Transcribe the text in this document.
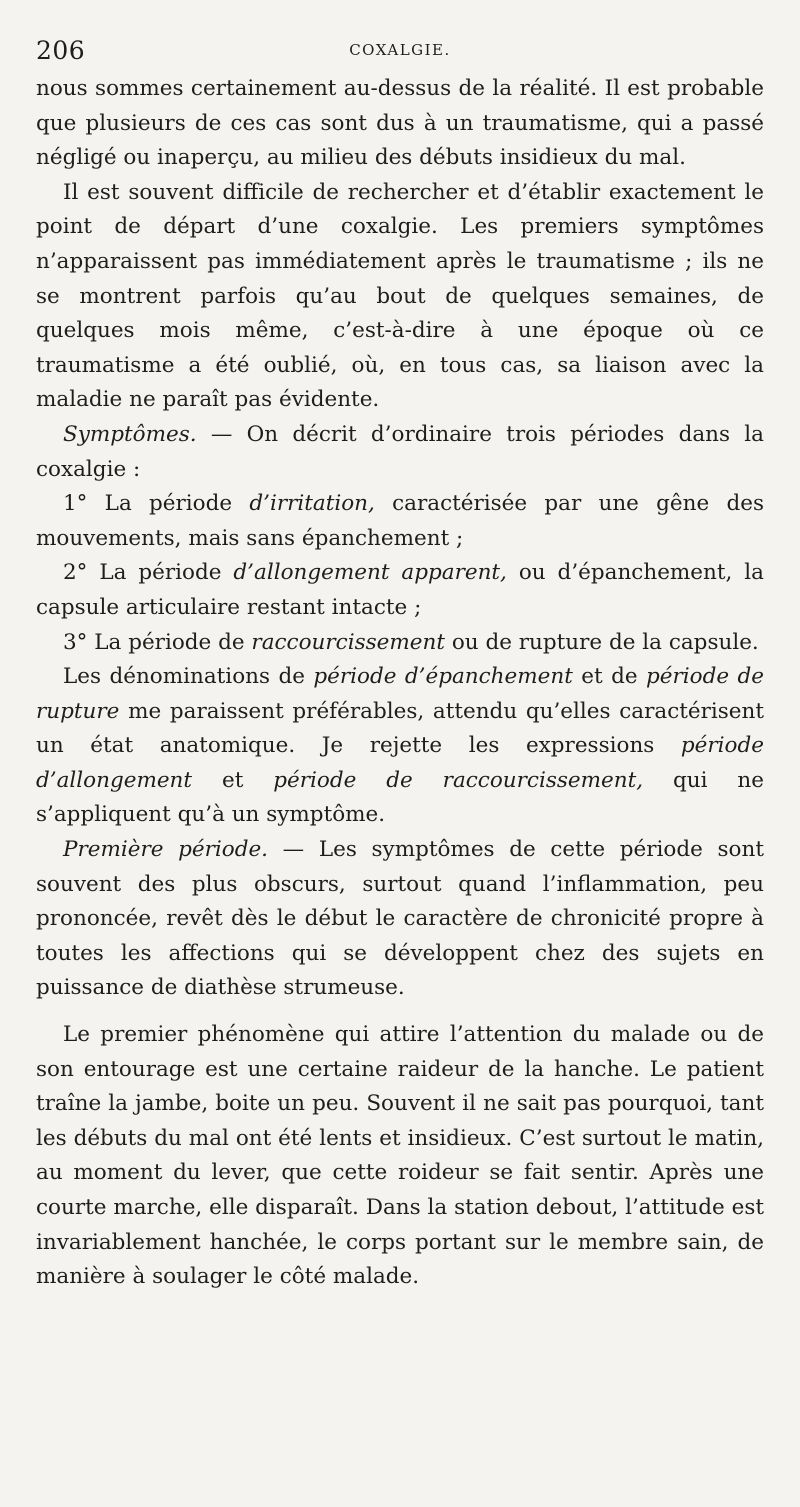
206	COXALGIE.

nous sommes certainement au-dessus de la réalité. Il est probable que plusieurs de ces cas sont dus à un traumatisme, qui a passé négligé ou inaperçu, au milieu des débuts insidieux du mal.

Il est souvent difficile de rechercher et d’établir exactement le point de départ d’une coxalgie. Les premiers symptômes n’apparaissent pas immédiatement après le traumatisme ; ils ne se montrent parfois qu’au bout de quelques semaines, de quelques mois même, c’est-à-dire à une époque où ce traumatisme a été oublié, où, en tous cas, sa liaison avec la maladie ne paraît pas évidente.

Symptômes. — On décrit d’ordinaire trois périodes dans la coxalgie :

1° La période d’irritation, caractérisée par une gêne des mouvements, mais sans épanchement ;

2° La période d’allongement apparent, ou d’épanchement, la capsule articulaire restant intacte ;

3° La période de raccourcissement ou de rupture de la capsule.

Les dénominations de période d’épanchement et de période de rupture me paraissent préférables, attendu qu’elles caractérisent un état anatomique. Je rejette les expressions période d’allongement et période de raccourcissement, qui ne s’appliquent qu’à un symptôme.

Première période. — Les symptômes de cette période sont souvent des plus obscurs, surtout quand l’inflammation, peu prononcée, revêt dès le début le caractère de chronicité propre à toutes les affections qui se développent chez des sujets en puissance de diathèse strumeuse.

Le premier phénomène qui attire l’attention du malade ou de son entourage est une certaine raideur de la hanche. Le patient traîne la jambe, boite un peu. Souvent il ne sait pas pourquoi, tant les débuts du mal ont été lents et insidieux. C’est surtout le matin, au moment du lever, que cette roideur se fait sentir. Après une courte marche, elle disparaît. Dans la station debout, l’attitude est invariablement hanchée, le corps portant sur le membre sain, de manière à soulager le côté malade.
